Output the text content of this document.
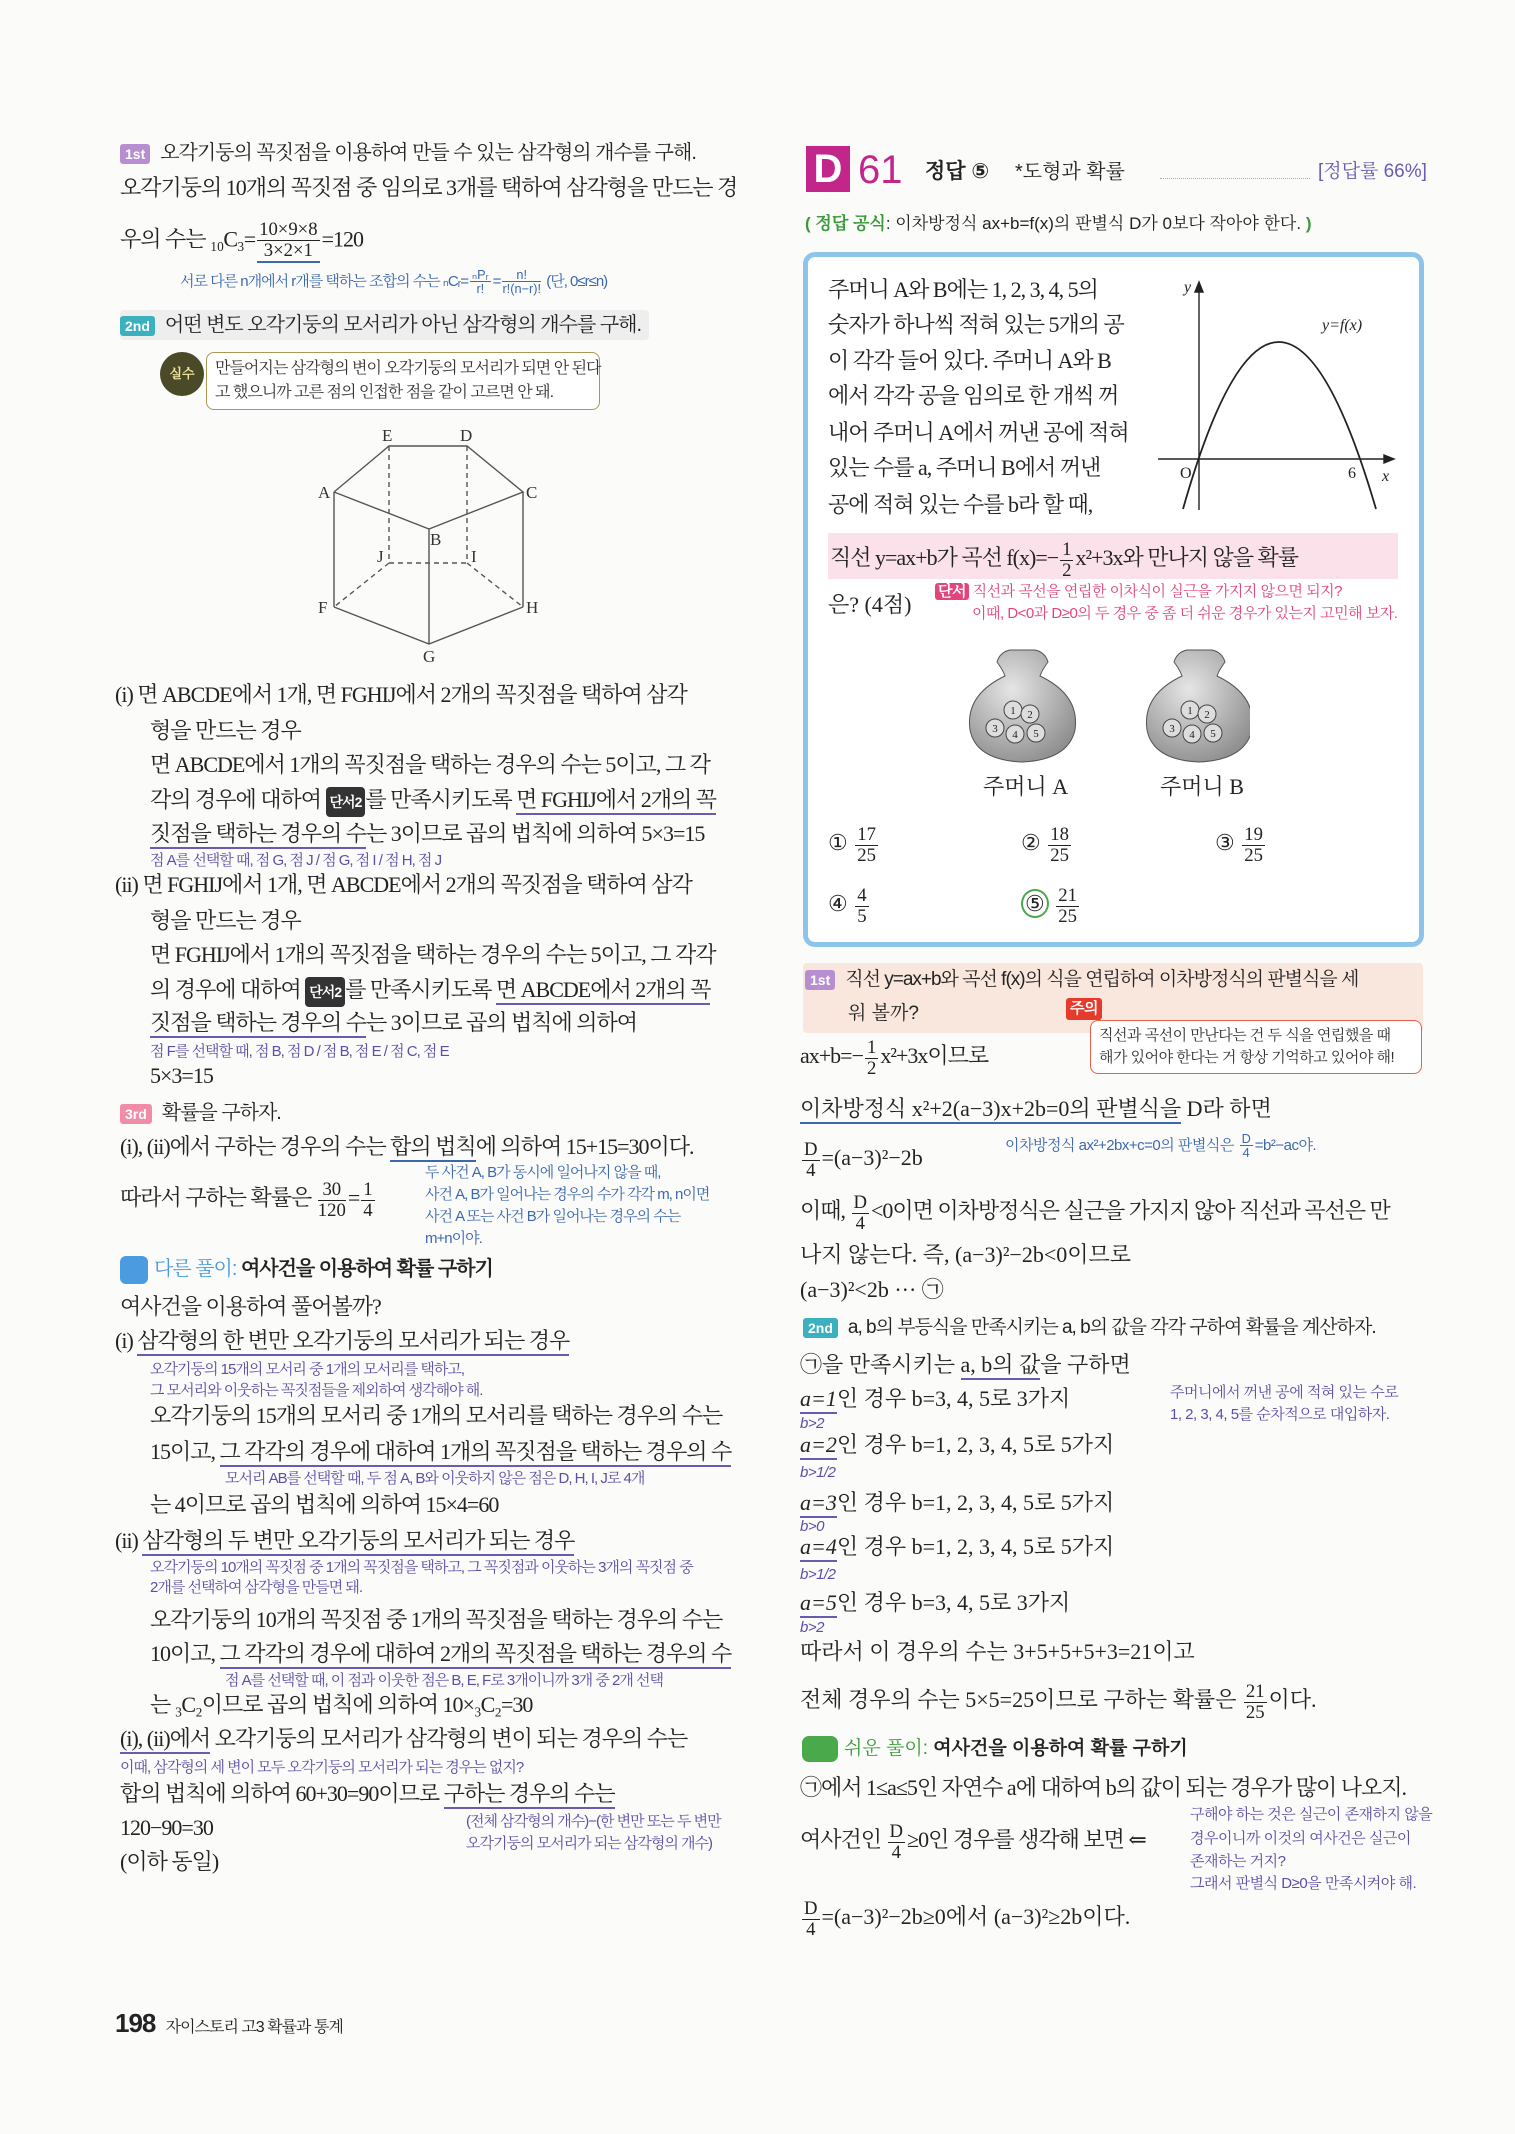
1st 오각기둥의 꼭짓점을 이용하여 만들 수 있는 삼각형의 개수를 구해.
오각기둥의 10개의 꼭짓점 중 임의로 3개를 택하여 삼각형을 만드는 경
우의 수는 $_{10}C_3= \frac{10\times 9\times 8}{3\times 2\times 1} =120$
서로 다른 n개에서 r개를 택하는 조합의 수는 ₙCᵣ= ₙPᵣ
r! = $\frac{n!}{r!(n-r)!}$ (단, 0≤r≤n)
2nd 어떤 변도 오각기둥의 모서리가 아닌 삼각형의 개수를 구해.
실수	만들어지는 삼각형의 변이 오각기둥의 모서리가 되면 안 된다
고 했으니까 고른 점의 인접한 점을 같이 고르면 안 돼.
A
B
C
D
E
F
G
H
I
J
(i) 면 ABCDE에서 1개, 면 FGHIJ에서 2개의 꼭짓점을 택하여 삼각
형을 만드는 경우
면 ABCDE에서 1개의 꼭짓점을 택하는 경우의 수는 5이고, 그 각
각의 경우에 대하여 단서2 를 만족시키도록 면 FGHIJ에서 2개의 꼭
짓점을 택하는 경우의 수는 3이므로 곱의 법칙에 의하여 5×3=15
점 A를 선택할 때, 점 G, 점 J / 점 G, 점 I / 점 H, 점 J
(ii) 면 FGHIJ에서 1개, 면 ABCDE에서 2개의 꼭짓점을 택하여 삼각
형을 만드는 경우
면 FGHIJ에서 1개의 꼭짓점을 택하는 경우의 수는 5이고, 그 각각
의 경우에 대하여 단서2 를 만족시키도록 면 ABCDE에서 2개의 꼭
짓점을 택하는 경우의 수는 3이므로 곱의 법칙에 의하여
점 F를 선택할 때, 점 B, 점 D / 점 B, 점 E / 점 C, 점 E
5×3=15
3rd 확률을 구하자.
(i), (ii)에서 구하는 경우의 수는 합의 법칙에 의하여 15+15=30이다.
따라서 구하는 확률은 $\frac{30}{120} = \frac{1}{4}$
두 사건 A, B가 동시에 일어나지 않을 때,
사건 A, B가 일어나는 경우의 수가 각각 m, n이면
사건 A 또는 사건 B가 일어나는 경우의 수는
m+n이야.
다른 풀이: 여사건을 이용하여 확률 구하기
여사건을 이용하여 풀어볼까?
(i) 삼각형의 한 변만 오각기둥의 모서리가 되는 경우
오각기둥의 15개의 모서리 중 1개의 모서리를 택하고,
그 모서리와 이웃하는 꼭짓점들을 제외하여 생각해야 해.
오각기둥의 15개의 모서리 중 1개의 모서리를 택하는 경우의 수는
15이고, 그 각각의 경우에 대하여 1개의 꼭짓점을 택하는 경우의 수
모서리 AB를 선택할 때, 두 점 A, B와 이웃하지 않은 점은 D, H, I, J로 4개
는 4이므로 곱의 법칙에 의하여 15×4=60
(ii) 삼각형의 두 변만 오각기둥의 모서리가 되는 경우
오각기둥의 10개의 꼭짓점 중 1개의 꼭짓점을 택하고, 그 꼭짓점과 이웃하는 3개의 꼭짓점 중
2개를 선택하여 삼각형을 만들면 돼.
오각기둥의 10개의 꼭짓점 중 1개의 꼭짓점을 택하는 경우의 수는
10이고, 그 각각의 경우에 대하여 2개의 꼭짓점을 택하는 경우의 수
점 A를 선택할 때, 이 점과 이웃한 점은 B, E, F로 3개이니까 3개 중 2개 선택
는 ₃C₂이므로 곱의 법칙에 의하여 10×₃C₂=30
(i), (ii)에서 오각기둥의 모서리가 삼각형의 변이 되는 경우의 수는
이때, 삼각형의 세 변이 모두 오각기둥의 모서리가 되는 경우는 없지?
합의 법칙에 의하여 60+30=90이므로 구하는 경우의 수는
(전체 삼각형의 개수)−(한 변만 또는 두 변만
오각기둥의 모서리가 되는 삼각형의 개수)
120−90=30
(이하 동일)
198 자이스토리 고3 확률과 통계
D 61 정답 ⑤ *도형과 확률	[정답률 66%]
( 정답 공식: 이차방정식 ax+b=f(x)의 판별식 D가 0보다 작아야 한다. )
주머니 A와 B에는 1, 2, 3, 4, 5의
숫자가 하나씩 적혀 있는 5개의 공
이 각각 들어 있다. 주머니 A와 B
에서 각각 공을 임의로 한 개씩 꺼
내어 주머니 A에서 꺼낸 공에 적혀
있는 수를 a, 주머니 B에서 꺼낸
공에 적혀 있는 수를 b라 할 때,
y
x
y=f(x)
O	6
직선 y=ax+b가 곡선 $f(x)=- \frac{1}{2} x^2+3x$와 만나지 않을 확률
은? (4점)
단서 직선과 곡선을 연립한 이차식이 실근을 가지지 않으면 되지?
이때, D<0과 D≥0의 두 경우 중 좀 더 쉬운 경우가 있는지 고민해 보자.
1 2
3 4 5
1 2
3 4 5
주머니 A	주머니 B
① $\frac{17}{25}$	② $\frac{18}{25}$	③ $\frac{19}{25}$
④ $\frac{4}{5}$	⑤ $\frac{21}{25}$
1st 직선 y=ax+b와 곡선 f(x)의 식을 연립하여 이차방정식의 판별식을 세
워 볼까?
직선과 곡선이 만난다는 건 두 식을 연립했을 때
해가 있어야 한다는 거 항상 기억하고 있어야 해!
주의
$ax+b=- \frac{1}{2} x^2+3x$이므로
이차방정식 x²+2(a−3)x+2b=0의 판별식을 D라 하면
$\frac{D}{4} =(a-3)^2-2b$	이차방정식 ax²+2bx+c=0의 판별식은 $\frac{D}{4} =b^2-ac$야.
이때, $\frac{D}{4} <0$이면 이차방정식은 실근을 가지지 않아 직선과 곡선은 만
나지 않는다. 즉, (a−3)²−2b<0이므로
(a−3)²<2b ··· ㉠
2nd a, b의 부등식을 만족시키는 a, b의 값을 각각 구하여 확률을 계산하자.
㉠을 만족시키는 a, b의 값을 구하면
주머니에서 꺼낸 공에 적혀 있는 수로
1, 2, 3, 4, 5를 순차적으로 대입하자.
a=1인 경우 b=3, 4, 5로 3가지
b>2
a=2인 경우 b=1, 2, 3, 4, 5로 5가지
b>1/2
a=3인 경우 b=1, 2, 3, 4, 5로 5가지
b>0
a=4인 경우 b=1, 2, 3, 4, 5로 5가지
b>1/2
a=5인 경우 b=3, 4, 5로 3가지
b>2
따라서 이 경우의 수는 3+5+5+5+3=21이고
전체 경우의 수는 5×5=25이므로 구하는 확률은 $\frac{21}{25}$ 이다.
쉬운 풀이: 여사건을 이용하여 확률 구하기
㉠에서 1≤a≤5인 자연수 a에 대하여 b의 값이 되는 경우가 많이 나오지.
여사건인 $\frac{D}{4} \ge 0$인 경우를 생각해 보면 ⇐
구해야 하는 것은 실근이 존재하지 않을
경우이니까 이것의 여사건은 실근이
존재하는 거지?
그래서 판별식 D≥0을 만족시켜야 해.
$\frac{D}{4} =(a-3)^2-2b\ge 0$에서 (a−3)²≥2b이다.
